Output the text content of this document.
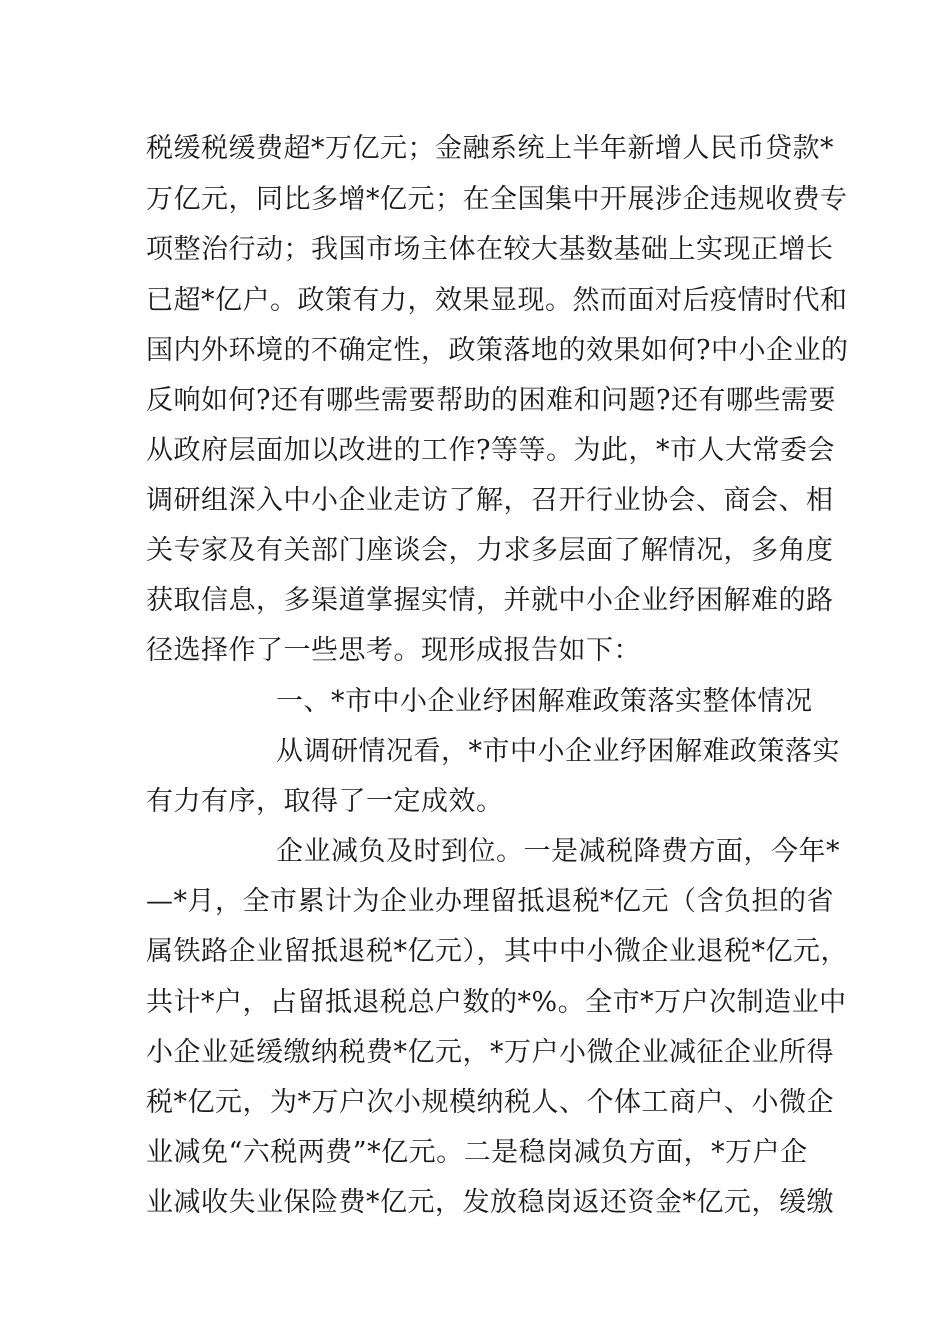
税缓税缓费超*万亿元；金融系统上半年新增人民币贷款*
万亿元，同比多增*亿元；在全国集中开展涉企违规收费专
项整治行动；我国市场主体在较大基数基础上实现正增长
已超*亿户。政策有力，效果显现。然而面对后疫情时代和
国内外环境的不确定性，政策落地的效果如何?中小企业的
反响如何?还有哪些需要帮助的困难和问题?还有哪些需要
从政府层面加以改进的工作?等等。为此，*市人大常委会
调研组深入中小企业走访了解，召开行业协会、商会、相
关专家及有关部门座谈会，力求多层面了解情况，多角度
获取信息，多渠道掌握实情，并就中小企业纾困解难的路
径选择作了一些思考。现形成报告如下：
一、*市中小企业纾困解难政策落实整体情况
从调研情况看，*市中小企业纾困解难政策落实
有力有序，取得了一定成效。
企业减负及时到位。一是减税降费方面，今年*
—*月，全市累计为企业办理留抵退税*亿元（含负担的省
属铁路企业留抵退税*亿元），其中中小微企业退税*亿元，
共计*户，占留抵退税总户数的*%。全市*万户次制造业中
小企业延缓缴纳税费*亿元，*万户小微企业减征企业所得
税*亿元，为*万户次小规模纳税人、个体工商户、小微企
业减免“六税两费”*亿元。二是稳岗减负方面，*万户企
业减收失业保险费*亿元，发放稳岗返还资金*亿元，缓缴
